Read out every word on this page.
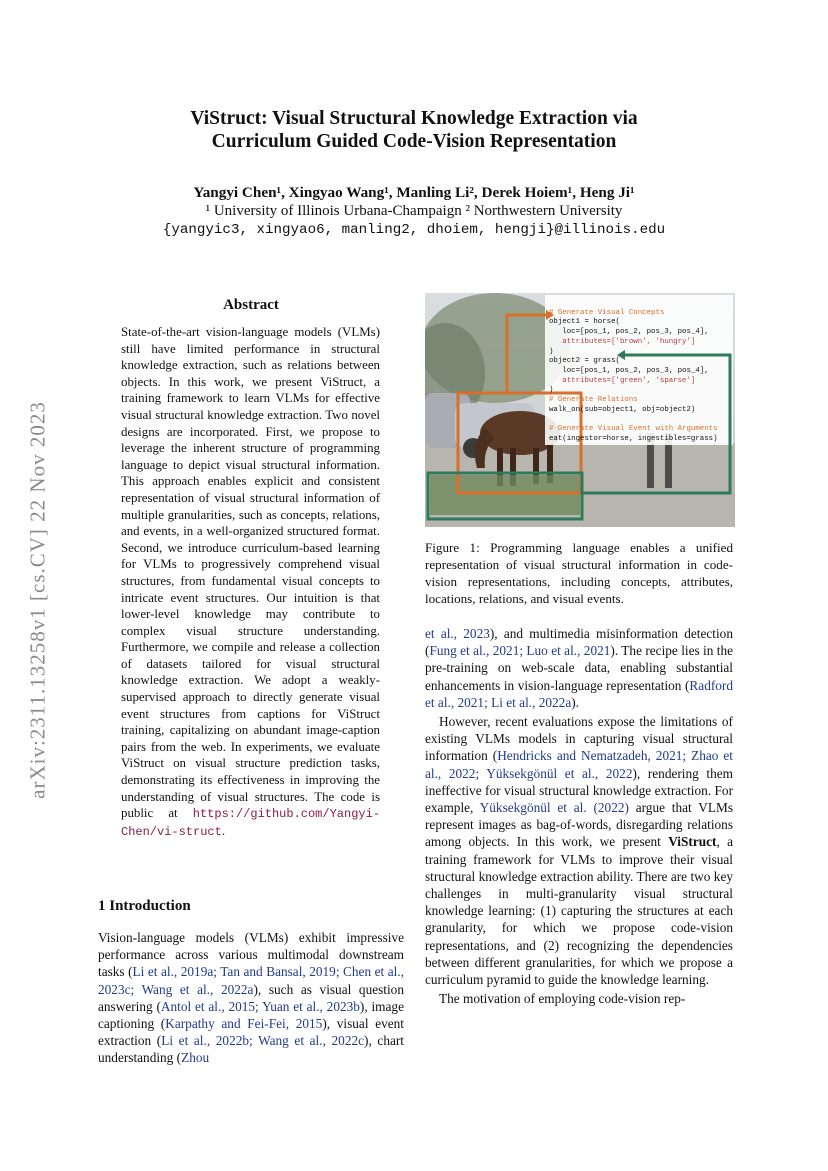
arXiv:2311.13258v1 [cs.CV] 22 Nov 2023
ViStruct: Visual Structural Knowledge Extraction via
Curriculum Guided Code-Vision Representation
Yangyi Chen¹, Xingyao Wang¹, Manling Li², Derek Hoiem¹, Heng Ji¹
¹ University of Illinois Urbana-Champaign ² Northwestern University
{yangyic3, xingyao6, manling2, dhoiem, hengji}@illinois.edu
Abstract
State-of-the-art vision-language models (VLMs) still have limited performance in structural knowledge extraction, such as relations between objects. In this work, we present ViStruct, a training framework to learn VLMs for effective visual structural knowledge extraction. Two novel designs are incorporated. First, we propose to leverage the inherent structure of programming language to depict visual structural information. This approach enables explicit and consistent representation of visual structural information of multiple granularities, such as concepts, relations, and events, in a well-organized structured format. Second, we introduce curriculum-based learning for VLMs to progressively comprehend visual structures, from fundamental visual concepts to intricate event structures. Our intuition is that lower-level knowledge may contribute to complex visual structure understanding. Furthermore, we compile and release a collection of datasets tailored for visual structural knowledge extraction. We adopt a weakly-supervised approach to directly generate visual event structures from captions for ViStruct training, capitalizing on abundant image-caption pairs from the web. In experiments, we evaluate ViStruct on visual structure prediction tasks, demonstrating its effectiveness in improving the understanding of visual structures. The code is public at https://github.com/Yangyi-Chen/vi-struct.
1 Introduction

Vision-language models (VLMs) exhibit impressive performance across various multimodal downstream tasks (Li et al., 2019a; Tan and Bansal, 2019; Chen et al., 2023c; Wang et al., 2022a), such as visual question answering (Antol et al., 2015; Yuan et al., 2023b), image captioning (Karpathy and Fei-Fei, 2015), visual event extraction (Li et al., 2022b; Wang et al., 2022c), chart understanding (Zhou

# Generate Visual Concepts
object1 = horse(
loc=[pos_1, pos_2, pos_3, pos_4],
attributes=['brown', 'hungry']
)
object2 = grass(
loc=[pos_1, pos_2, pos_3, pos_4],
attributes=['green', 'sparse']
)
# Generate Relations
walk_on(sub=object1, obj=object2)

# Generate Visual Event with Arguments
eat(ingestor=horse, ingestibles=grass)
Figure 1: Programming language enables a unified representation of visual structural information in code-vision representations, including concepts, attributes, locations, relations, and visual events.

et al., 2023), and multimedia misinformation detection (Fung et al., 2021; Luo et al., 2021). The recipe lies in the pre-training on web-scale data, enabling substantial enhancements in vision-language representation (Radford et al., 2021; Li et al., 2022a).

However, recent evaluations expose the limitations of existing VLMs models in capturing visual structural information (Hendricks and Nematzadeh, 2021; Zhao et al., 2022; Yüksekgönül et al., 2022), rendering them ineffective for visual structural knowledge extraction. For example, Yüksekgönül et al. (2022) argue that VLMs represent images as bag-of-words, disregarding relations among objects. In this work, we present ViStruct, a training framework for VLMs to improve their visual structural knowledge extraction ability. There are two key challenges in multi-granularity visual structural knowledge learning: (1) capturing the structures at each granularity, for which we propose code-vision representations, and (2) recognizing the dependencies between different granularities, for which we propose a curriculum pyramid to guide the knowledge learning.

The motivation of employing code-vision rep-
